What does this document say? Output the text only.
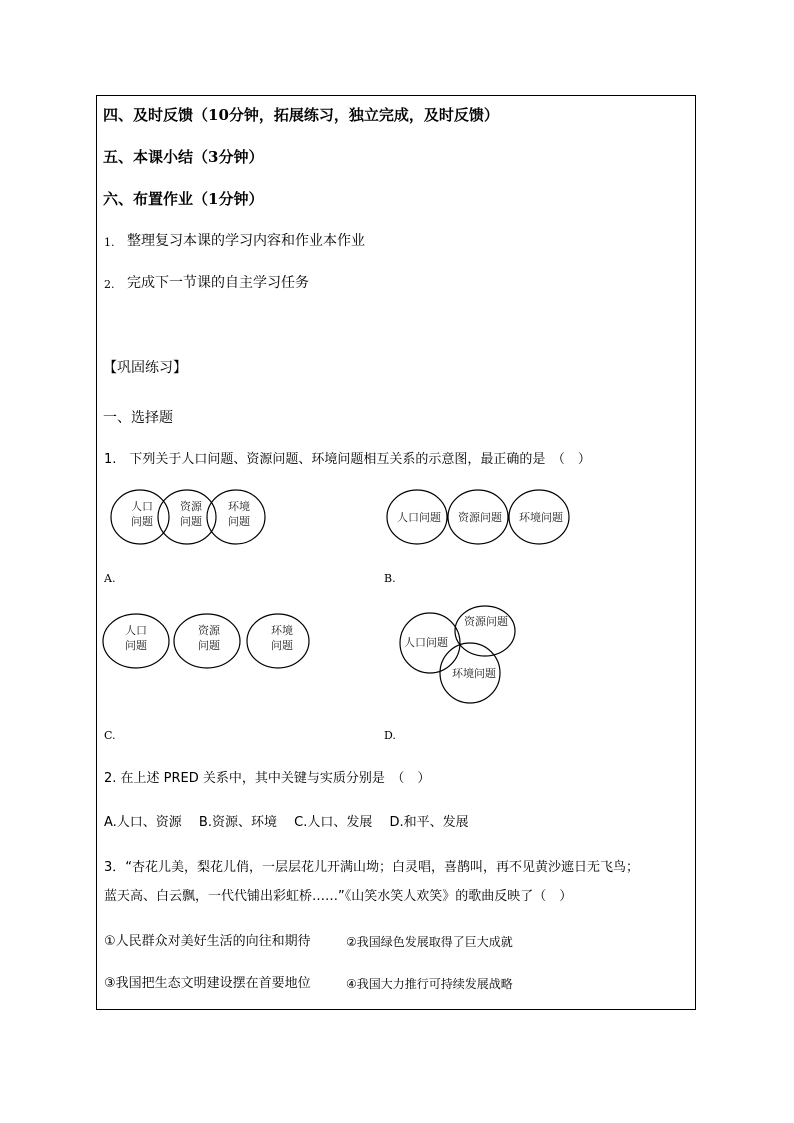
四、及时反馈（10分钟，拓展练习，独立完成，及时反馈）
五、本课小结（3分钟）
六、布置作业（1分钟）
1. 整理复习本课的学习内容和作业本作业
2. 完成下一节课的自主学习任务
【巩固练习】
一、选择题
1.　下列关于人口问题、资源问题、环境问题相互关系的示意图，最正确的是　（　）
人口
问题
资源
问题
环境
问题	人口问题 资源问题 环境问题
A.	B.
人口
问题
资源
问题
环境
问题	人口问题
资源问题
环境问题
C.	D.
2. 在上述 PRED 关系中，其中关键与实质分别是　（　）
A.人口、资源　 B.资源、环境　 C.人口、发展　 D.和平、发展
3．“杏花儿美，梨花儿俏，一层层花儿开满山坳；白灵唱，喜鹊叫，再不见黄沙遮日无飞鸟；
蓝天高、白云飘，一代代铺出彩虹桥……”《山笑水笑人欢笑》的歌曲反映了（　）
①人民群众对美好生活的向往和期待	②我国绿色发展取得了巨大成就
③我国把生态文明建设摆在首要地位	④我国大力推行可持续发展战略
